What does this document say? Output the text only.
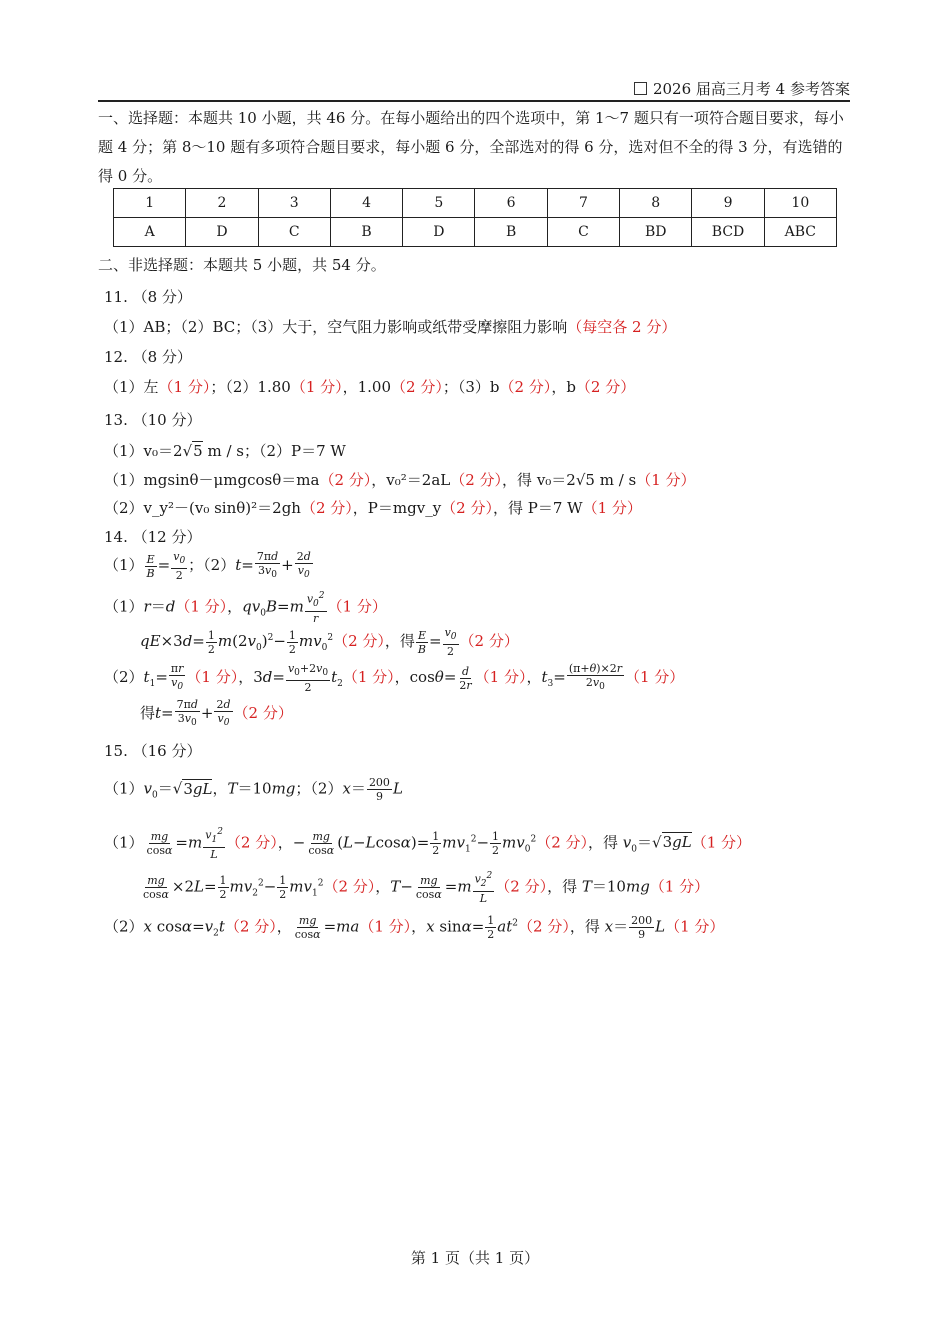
2026 届高三月考 4 参考答案
一、选择题：本题共 10 小题，共 46 分。在每小题给出的四个选项中，第 1～7 题只有一项符合题目要求，每小题 4 分；第 8～10 题有多项符合题目要求，每小题 6 分，全部选对的得 6 分，选对但不全的得 3 分，有选错的得 0 分。
1	2	3	4	5	6	7	8	9	10
A	D	C	B	D	B	C	BD	BCD	ABC
二、非选择题：本题共 5 小题，共 54 分。
11. （8 分）
（1）AB；（2）BC；（3）大于，空气阻力影响或纸带受摩擦阻力影响（每空各 2 分）
12. （8 分）
（1）左（1 分）；（2）1.80（1 分），1.00（2 分）；（3）b（2 分），b（2 分）
13. （10 分）
（1）v₀＝2√5 m / s；（2）P＝7 W
（1）mgsinθ－μmgcosθ＝ma（2 分），v₀²＝2aL（2 分），得 v₀＝2√5 m / s（1 分）
（2）v_y²－(v₀ sinθ)²＝2gh（2 分），P＝mgv_y（2 分），得 P＝7 W（1 分）
14. （12 分）
$(1) \frac{E}{B} = \frac{v_0}{2}$ ；$(2)t= \frac{7\pi d}{3v_0} + \frac{2d}{v_0}$
（1）r＝d（1 分），$qv_0B=m \frac{v_0^2}{r} (1$ 分）
$qE\times 3d= \frac{1}{2} m(2v_0)^2- \frac{1}{2} mv_0^2(2$ 分），得 $\frac{E}{B} = \frac{v_0}{2} (2$ 分）
$(2)t_1= \frac{\pi r}{v_0} (1$ 分），$3d= \frac{v_0+2v_0}{2} t_2(1$ 分），$\cos\theta= \frac{d}{2r} (1$ 分），$t_3= \frac{(\pi+\theta)\times 2r}{2v_0} (1$ 分）
得$t= \frac{7\pi d}{3v_0} + \frac{2d}{v_0} (2$ 分）
15. （16 分）
$(1)v_0=√3gL$，T＝10mg；$(2)x= \frac{200}{9}$ L
$(1) \frac{mg}{\cos\alpha} =m \frac{v_1^2}{L} (2$ 分），− $\frac{mg}{\cos\alpha} (L-Lcos\alpha)= \frac{1}{2} mv_1^2- \frac{1}{2} mv_0^2(2$ 分），得 $v_0=√3gL(1$ 分）
$\frac{mg}{\cos\alpha} \times 2L= \frac{1}{2} mv_2^2- \frac{1}{2} mv_1^2(2$ 分），$T- \frac{mg}{\cos\alpha} =m \frac{v_2^2}{L} (2$ 分），得 T＝10mg（1 分）
（2）x $\cos\alpha=v_2t(2$ 分）， $\frac{mg}{\cos\alpha} =ma(1$ 分），x $\sin\alpha= \frac{1}{2} at^2(2$ 分），得 $x= \frac{200}{9} L(1$ 分）
第 1 页（共 1 页）
